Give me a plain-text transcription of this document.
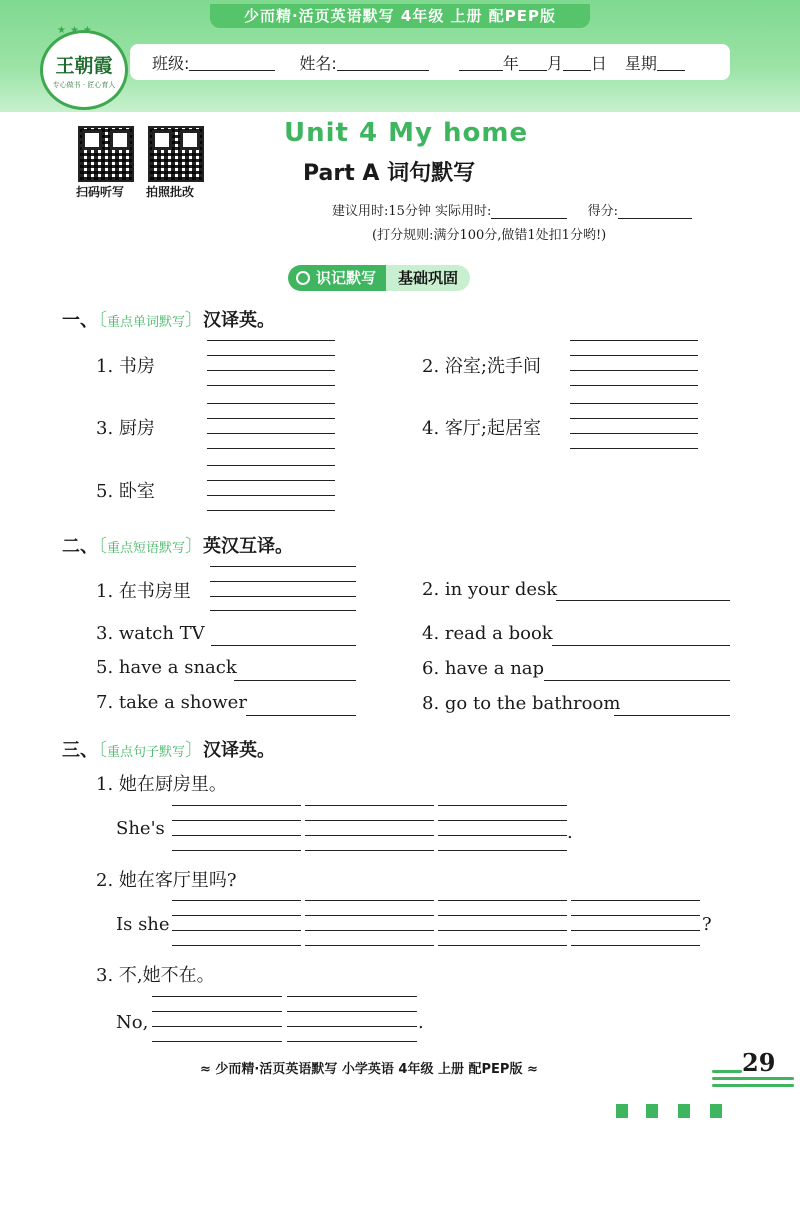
少而精·活页英语默写 4年级 上册 配PEP版
★★★
王朝霞
专心做书 · 匠心育人
班级:	姓名:	年 月 日 星期
扫码听写 拍照批改
Unit 4 My home
Part A 词句默写
建议用时:15分钟 实际用时:	得分:
(打分规则:满分100分,做错1处扣1分哟!)
识记默写	基础巩固
一、〔重点单词默写〕汉译英。
1. 书房	2. 浴室;洗手间
3. 厨房	4. 客厅;起居室
5. 卧室
二、〔重点短语默写〕英汉互译。
1. 在书房里	2. in your desk
3. watch TV	4. read a book
5. have a snack	6. have a nap
7. take a shower	8. go to the bathroom
三、〔重点句子默写〕汉译英。
1. 她在厨房里。
She's	.
2. 她在客厅里吗?
Is she	?
3. 不,她不在。
No,	.
≈ 少而精·活页英语默写 小学英语 4年级 上册 配PEP版 ≈	29
